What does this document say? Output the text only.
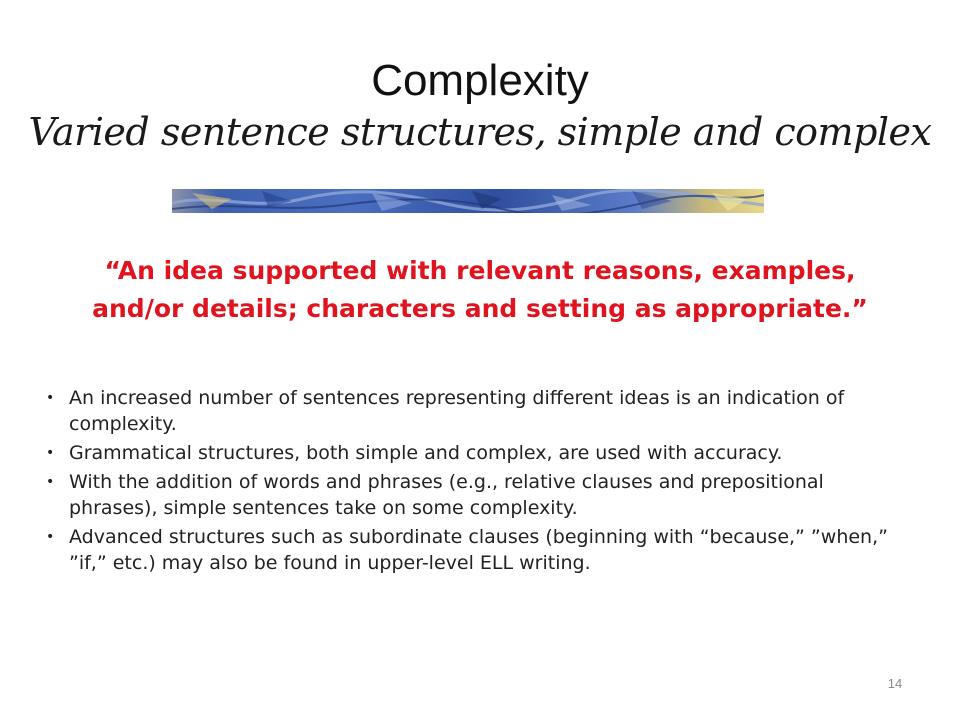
Complexity
Varied sentence structures, simple and complex
“An idea supported with relevant reasons, examples, and/or details; characters and setting as appropriate.”
• An increased number of sentences representing different ideas is an indication of complexity.
• Grammatical structures, both simple and complex, are used with accuracy.
• With the addition of words and phrases (e.g., relative clauses and prepositional phrases), simple sentences take on some complexity.
• Advanced structures such as subordinate clauses (beginning with “because,” ”when,” ”if,” etc.) may also be found in upper-level ELL writing.
14
